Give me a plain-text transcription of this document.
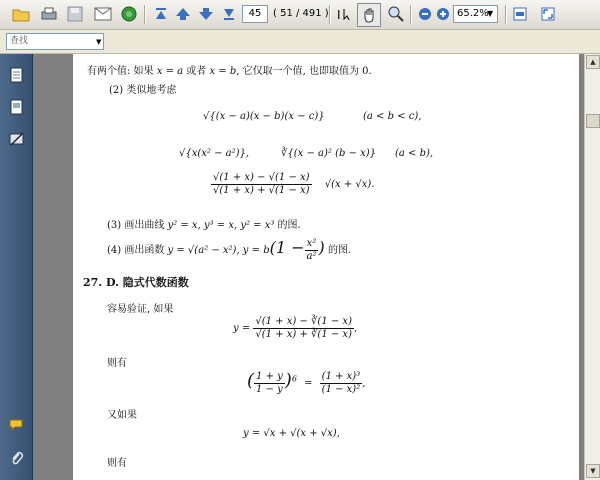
45	( 51 / 491 ) I	65.2%
▼
查找	▼
有两个值: 如果 x = a 或者 x = b, 它仅取一个值, 也即取值为 0.
(2) 类似地考虑
√{(x − a)(x − b)(x − c)}	(a < b < c),
√{x(x² − a²)},	∛{(x − a)² (b − x)} (a < b),
$\frac{√(1 + x) - √(1 - x)}{√(1 + x) + √(1 - x)} √(x + √x)$.
(3) 画出曲线 y² = x, y³ = x, y² = x³ 的图.
(4) 画出函数 y = √(a² − x²), $y = b(1 - \frac{\text{x²}}{\text{a²}}$ ) 的图.
27. D. 隐式代数函数
容易验证, 如果
$y = \frac{√(1 + x) - ∛(1 - x)}{√(1 + x) + ∛(1 - x)}$ ,
则有
( $\frac{1 + y}{1 - y} )^6 = \frac{\text{(1 + x)³}}{\text{(1 − x)²}}$ ,
又如果
y = √x + √(x + √x),
则有
▲
▼
